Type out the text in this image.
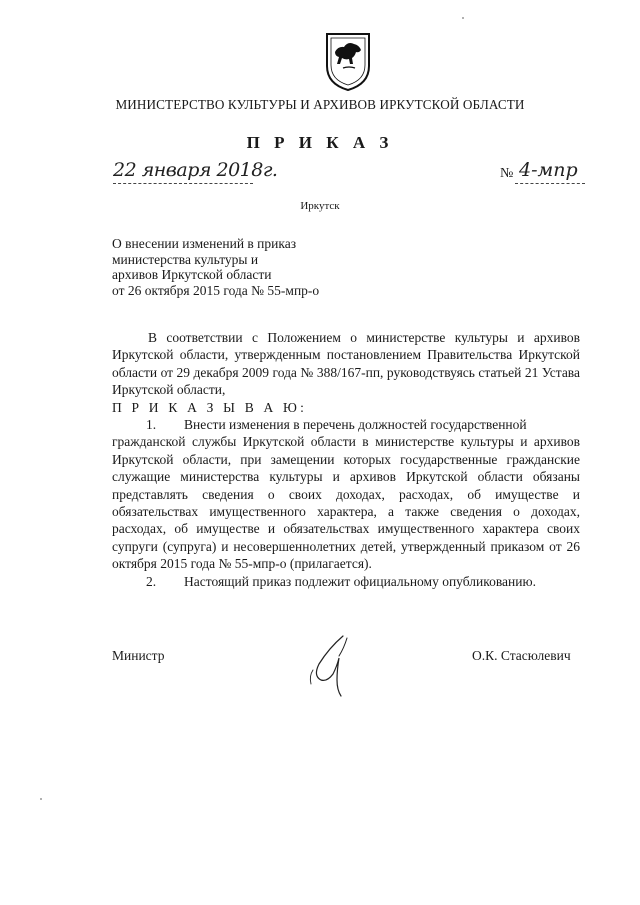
МИНИСТЕРСТВО КУЛЬТУРЫ И АРХИВОВ ИРКУТСКОЙ ОБЛАСТИ
П Р И К А З
22 января 2018г.	№ 4-мпр
Иркутск
О внесении изменений в приказ
министерства культуры и
архивов Иркутской области
от 26 октября 2015 года № 55-мпр-о
В соответствии с Положением о министерстве культуры и архивов Иркутской области, утвержденным постановлением Правительства Иркутской области от 29 декабря 2009 года № 388/167-пп, руководствуясь статьей 21 Устава Иркутской области,
П Р И К А З Ы В А Ю:
1.	Внести изменения в перечень должностей государственной
гражданской службы Иркутской области в министерстве культуры и архивов Иркутской области, при замещении которых государственные гражданские служащие министерства культуры и архивов Иркутской области обязаны представлять сведения о своих доходах, расходах, об имуществе и обязательствах имущественного характера, а также сведения о доходах, расходах, об имуществе и обязательствах имущественного характера своих супруги (супруга) и несовершеннолетних детей, утвержденный приказом от 26 октября 2015 года № 55-мпр-о (прилагается).
2.	Настоящий приказ подлежит официальному опубликованию.
Министр	О.К. Стасюлевич
